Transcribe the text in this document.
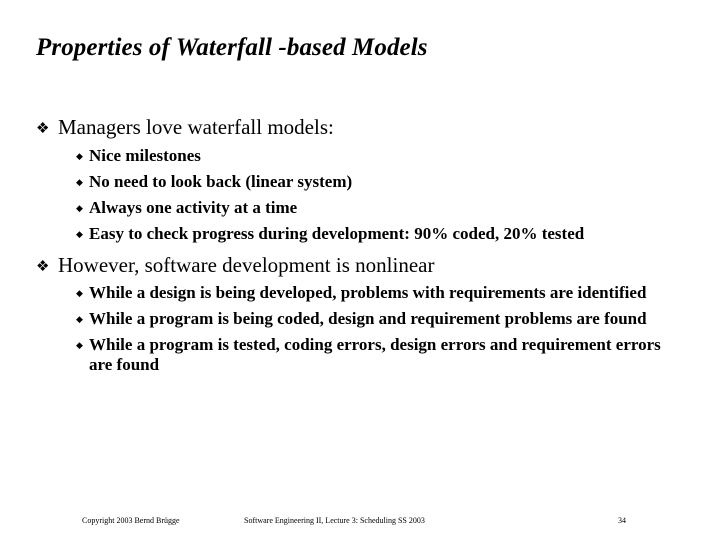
Properties of Waterfall -based Models
❖ Managers love waterfall models:
◆ Nice milestones
◆ No need to look back (linear system)
◆ Always one activity at a time
◆ Easy to check progress during development: 90% coded, 20% tested
❖ However, software development is nonlinear
◆ While a design is being developed, problems with requirements are identified
◆ While a program is being coded, design and requirement problems are found
◆ While a program is tested, coding errors, design errors and requirement errors are found
Copyright 2003 Bernd Brügge	Software Engineering II, Lecture 3: Scheduling SS 2003	34
